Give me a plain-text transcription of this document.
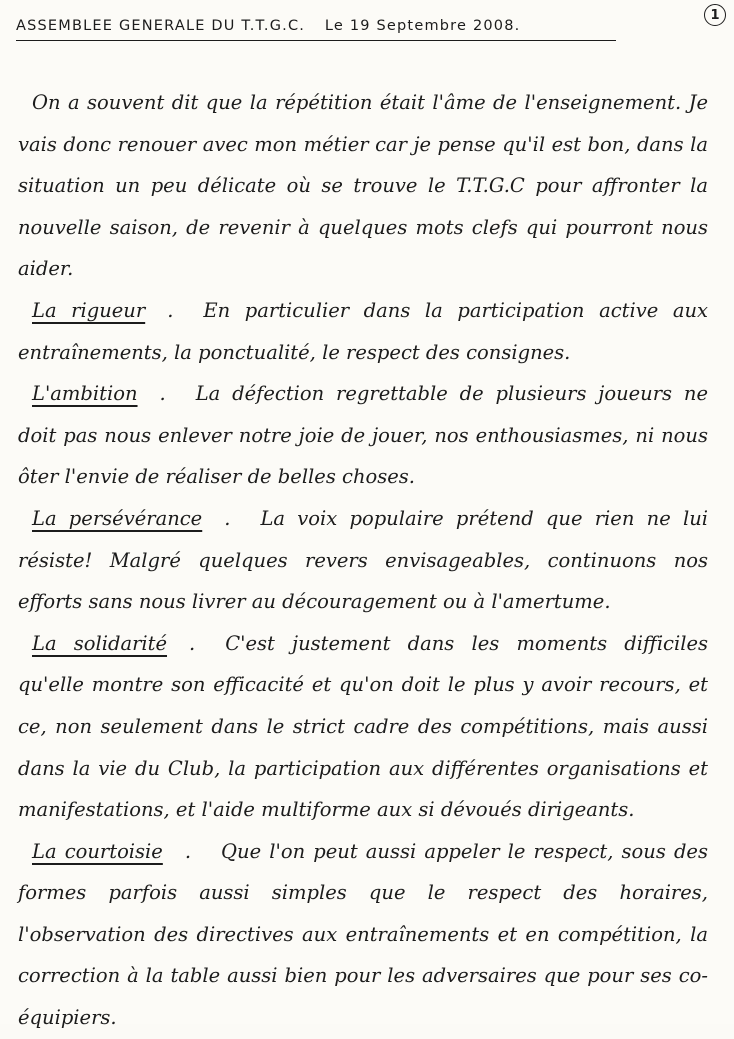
1
ASSEMBLEE GENERALE DU T.T.G.C. Le 19 Septembre 2008.

On a souvent dit que la répétition était l'âme de l'enseignement. Je vais donc renouer avec mon métier car je pense qu'il est bon, dans la situation un peu délicate où se trouve le T.T.G.C pour affronter la nouvelle saison, de revenir à quelques mots clefs qui pourront nous aider.

La rigueur . En particulier dans la participation active aux entraînements, la ponctualité, le respect des consignes.

L'ambition . La défection regrettable de plusieurs joueurs ne doit pas nous enlever notre joie de jouer, nos enthousiasmes, ni nous ôter l'envie de réaliser de belles choses.

La persévérance . La voix populaire prétend que rien ne lui résiste! Malgré quelques revers envisageables, continuons nos efforts sans nous livrer au découragement ou à l'amertume.

La solidarité . C'est justement dans les moments difficiles qu'elle montre son efficacité et qu'on doit le plus y avoir recours, et ce, non seulement dans le strict cadre des compétitions, mais aussi dans la vie du Club, la participation aux différentes organisations et manifestations, et l'aide multiforme aux si dévoués dirigeants.

La courtoisie . Que l'on peut aussi appeler le respect, sous des formes parfois aussi simples que le respect des horaires, l'observation des directives aux entraînements et en compétition, la correction à la table aussi bien pour les adversaires que pour ses co-équipiers.
